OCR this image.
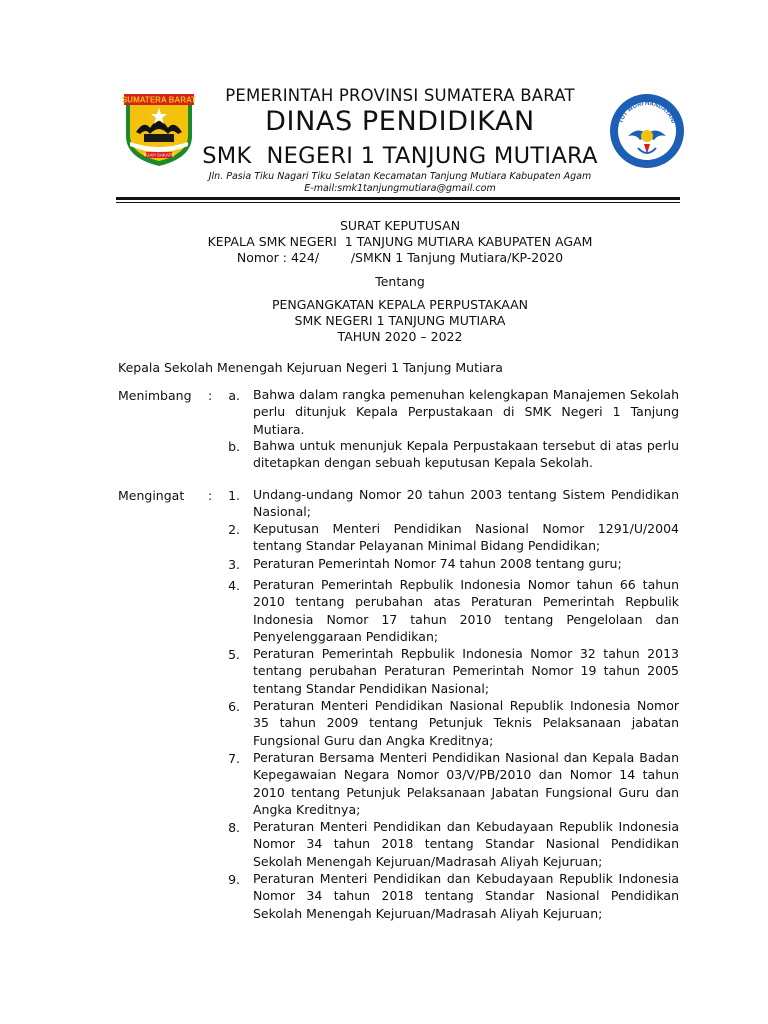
SUMATERA BARAT
TUAH SAKATO
PEMERINTAH PROVINSI SUMATERA BARAT
DINAS PENDIDIKAN
SMK  NEGERI 1 TANJUNG MUTIARA
Jln. Pasia Tiku Nagari Tiku Selatan Kecamatan Tanjung Mutiara Kabupaten Agam
E-mail:smk1tanjungmutiara@gmail.com
TUT WURI HANDAYANI
SURAT KEPUTUSAN
KEPALA SMK NEGERI  1 TANJUNG MUTIARA KABUPATEN AGAM
Nomor : 424/        /SMKN 1 Tanjung Mutiara/KP-2020
Tentang
PENGANGKATAN KEPALA PERPUSTAKAAN
SMK NEGERI 1 TANJUNG MUTIARA
TAHUN 2020 – 2022
Kepala Sekolah Menengah Kejuruan Negeri 1 Tanjung Mutiara
Menimbang :	a. Bahwa dalam rangka pemenuhan kelengkapan Manajemen Sekolah perlu ditunjuk Kepala Perpustakaan di SMK Negeri 1 Tanjung Mutiara.
b. Bahwa untuk menunjuk Kepala Perpustakaan tersebut di atas perlu ditetapkan dengan sebuah keputusan Kepala Sekolah.
Mengingat :	1. Undang-undang Nomor 20 tahun 2003 tentang Sistem Pendidikan Nasional;
2. Keputusan Menteri Pendidikan Nasional Nomor 1291/U/2004 tentang Standar Pelayanan Minimal Bidang Pendidikan;
3. Peraturan Pemerintah Nomor 74 tahun 2008 tentang guru;
4. Peraturan Pemerintah Repbulik Indonesia Nomor tahun 66 tahun 2010 tentang perubahan atas Peraturan Pemerintah Repbulik Indonesia Nomor 17 tahun 2010 tentang Pengelolaan dan Penyelenggaraan Pendidikan;
5. Peraturan Pemerintah Repbulik Indonesia Nomor 32 tahun 2013 tentang perubahan Peraturan Pemerintah Nomor 19 tahun 2005 tentang Standar Pendidikan Nasional;
6. Peraturan Menteri Pendidikan Nasional Republik Indonesia Nomor 35 tahun 2009 tentang Petunjuk Teknis Pelaksanaan jabatan Fungsional Guru dan Angka Kreditnya;
7. Peraturan Bersama Menteri Pendidikan Nasional dan Kepala Badan Kepegawaian Negara Nomor 03/V/PB/2010 dan Nomor 14 tahun 2010 tentang Petunjuk Pelaksanaan Jabatan Fungsional Guru dan Angka Kreditnya;
8. Peraturan Menteri Pendidikan dan Kebudayaan Republik Indonesia Nomor 34 tahun 2018 tentang Standar Nasional Pendidikan Sekolah Menengah Kejuruan/Madrasah Aliyah Kejuruan;
9. Peraturan Menteri Pendidikan dan Kebudayaan Republik Indonesia Nomor 34 tahun 2018 tentang Standar Nasional Pendidikan Sekolah Menengah Kejuruan/Madrasah Aliyah Kejuruan;
